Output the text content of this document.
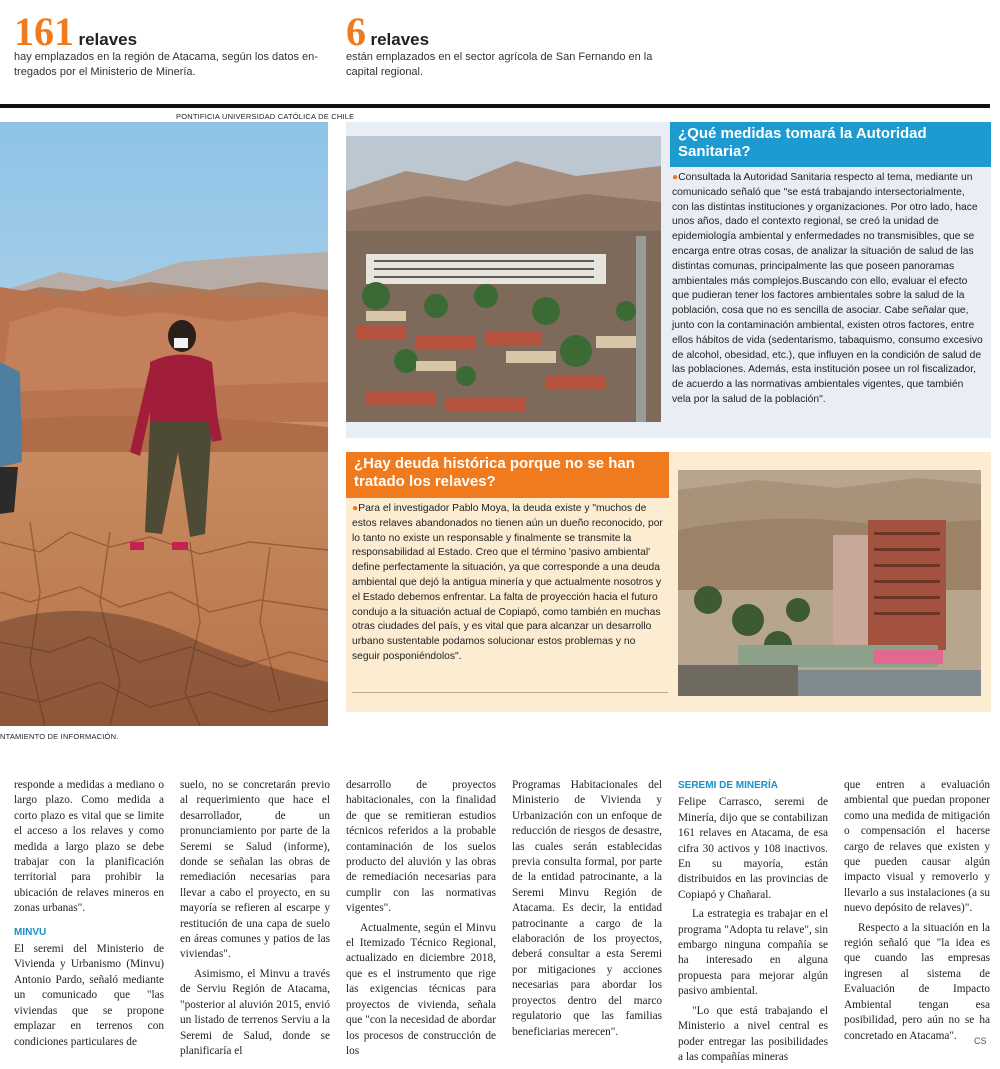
161 relaves
hay emplazados en la región de Atacama, según los datos en-
tregados por el Ministerio de Minería.
6 relaves
están emplazados en el sector agrícola de San Fernando en la
capital regional.
PONTIFICIA UNIVERSIDAD CATÓLICA DE CHILE
NTAMIENTO DE INFORMACIÓN.
¿Qué medidas tomará la Autoridad Sanitaria?
●Consultada la Autoridad Sanitaria respecto al tema, mediante un comunicado señaló que "se está trabajando intersectorialmente, con las distintas instituciones y organizaciones. Por otro lado, hace unos años, dado el contexto regional, se creó la unidad de epidemiología ambiental y enfermedades no transmisibles, que se encarga entre otras cosas, de analizar la situación de salud de las distintas comunas, principalmente las que poseen panoramas ambientales más complejos.Buscando con ello, evaluar el efecto que pudieran tener los factores ambientales sobre la salud de la población, cosa que no es sencilla de asociar. Cabe señalar que, junto con la contaminación ambiental, existen otros factores, entre ellos hábitos de vida (sedentarismo, tabaquismo, consumo excesivo de alcohol, obesidad, etc.), que influyen en la condición de salud de las poblaciones. Además, esta institución posee un rol fiscalizador, de acuerdo a las normativas ambientales vigentes, que también vela por la salud de la población".
¿Hay deuda histórica porque no se han tratado los relaves?
●Para el investigador Pablo Moya, la deuda existe y "muchos de estos relaves abandonados no tienen aún un dueño reconocido, por lo tanto no existe un responsable y finalmente se transmite la responsabilidad al Estado. Creo que el término 'pasivo ambiental' define perfectamente la situación, ya que corresponde a una deuda ambiental que dejó la antigua minería y que actualmente nosotros y el Estado debemos enfrentar. La falta de proyección hacia el futuro condujo a la situación actual de Copiapó, como también en muchas otras ciudades del país, y es vital que para alcanzar un desarrollo urbano sustentable podamos solucionar estos problemas y no seguir posponiéndolos".

responde a medidas a mediano o largo plazo. Como medida a corto plazo es vital que se limite el acceso a los relaves y como medida a largo plazo se debe trabajar con la planificación territorial para prohibir la ubicación de relaves mineros en zonas urbanas".

MINVU

El seremi del Ministerio de Vivienda y Urbanismo (Minvu) Antonio Pardo, señaló mediante un comunicado que "las viviendas que se propone emplazar en terrenos con condiciones particulares de

suelo, no se concretarán previo al requerimiento que hace el desarrollador, de un pronunciamiento por parte de la Seremi se Salud (informe), donde se señalan las obras de remediación necesarias para llevar a cabo el proyecto, en su mayoría se refieren al escarpe y restitución de una capa de suelo en áreas comunes y patios de las viviendas".

Asimismo, el Minvu a través de Serviu Región de Atacama, "posterior al aluvión 2015, envió un listado de terrenos Serviu a la Seremi de Salud, donde se planificaría el

desarrollo de proyectos habitacionales, con la finalidad de que se remitieran estudios técnicos referidos a la probable contaminación de los suelos producto del aluvión y las obras de remediación necesarias para cumplir con las normativas vigentes".

Actualmente, según el Minvu el Itemizado Técnico Regional, actualizado en diciembre 2018, que es el instrumento que rige las exigencias técnicas para proyectos de vivienda, señala que "con la necesidad de abordar los procesos de construcción de los

Programas Habitacionales del Ministerio de Vivienda y Urbanización con un enfoque de reducción de riesgos de desastre, las cuales serán establecidas previa consulta formal, por parte de la entidad patrocinante, a la Seremi Minvu Región de Atacama. Es decir, la entidad patrocinante a cargo de la elaboración de los proyectos, deberá consultar a esta Seremi por mitigaciones y acciones necesarias para abordar los proyectos dentro del marco regulatorio que las familias beneficiarias merecen".

SEREMI DE MINERÍA

Felipe Carrasco, seremi de Minería, dijo que se contabilizan 161 relaves en Atacama, de esa cifra 30 activos y 108 inactivos. En su mayoría, están distribuidos en las provincias de Copiapó y Chañaral.

La estrategia es trabajar en el programa "Adopta tu relave", sin embargo ninguna compañía se ha interesado en alguna propuesta para mejorar algún pasivo ambiental.

"Lo que está trabajando el Ministerio a nivel central es poder entregar las posibilidades a las compañías mineras

que entren a evaluación ambiental que puedan proponer como una medida de mitigación o compensación el hacerse cargo de relaves que existen y que pueden causar algún impacto visual y removerlo y llevarlo a sus instalaciones (a su nuevo depósito de relaves)".

Respecto a la situación en la región señaló que "la idea es que cuando las empresas ingresen al sistema de Evaluación de Impacto Ambiental tengan esa posibilidad, pero aún no se ha concretado en Atacama".	CS
